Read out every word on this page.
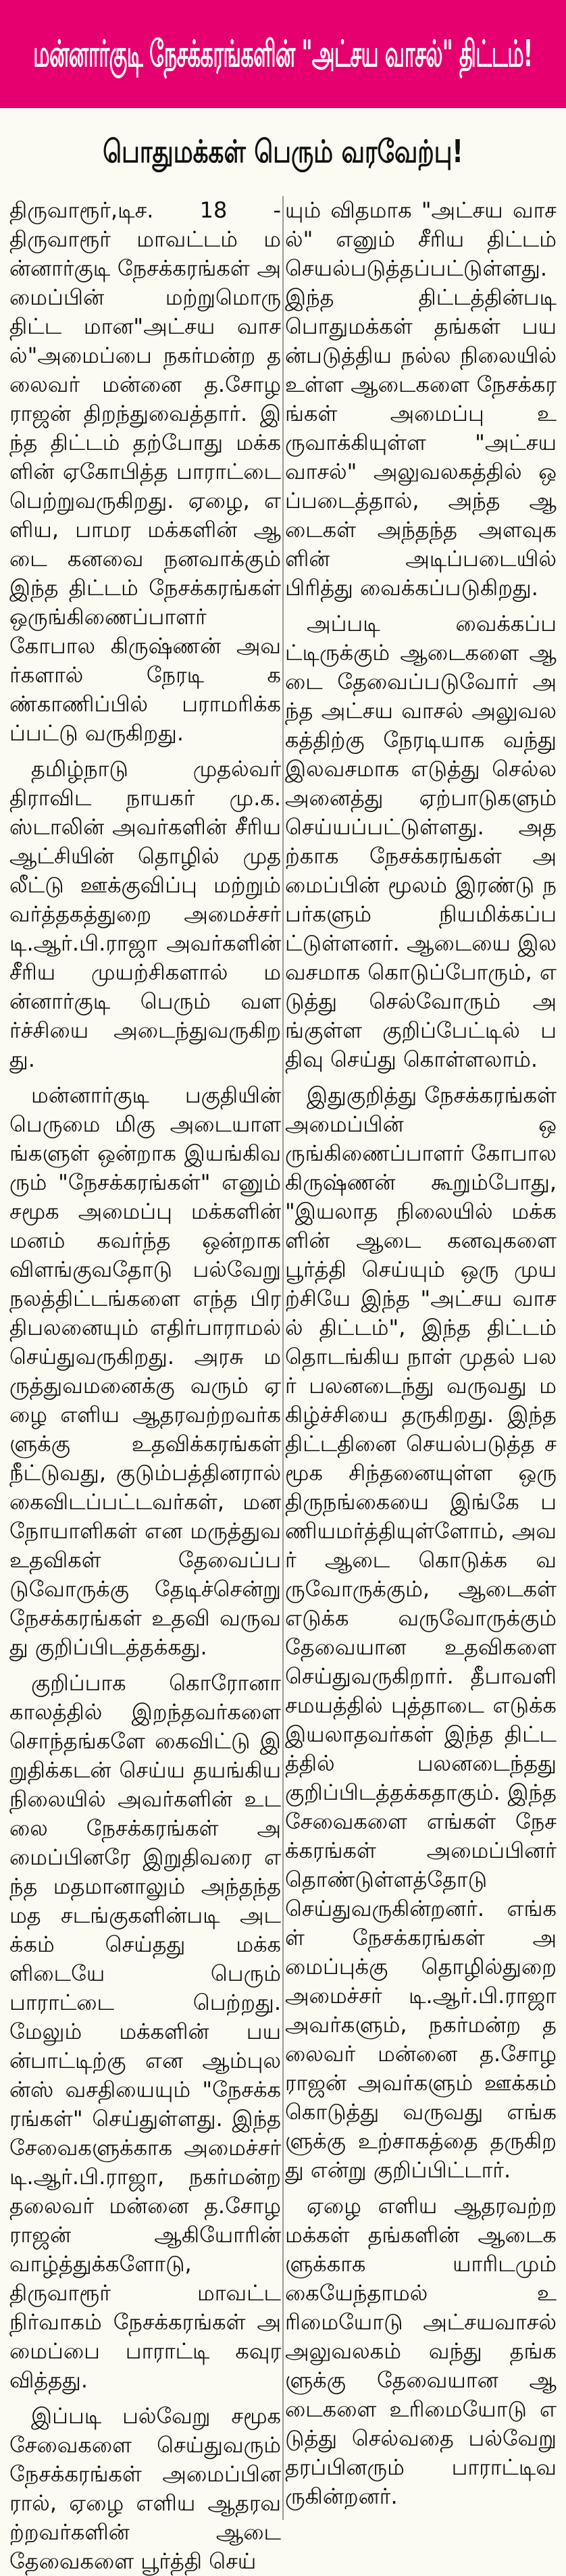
மன்னார்குடி நேசக்கரங்களின் "அட்சய வாசல்" திட்டம்!
பொதுமக்கள் பெரும் வரவேற்பு!

திருவாரூர்,டிச. 18 - திருவாரூர் மாவட்டம் மன்னார்குடி நேசக்கரங்கள் அமைப்பின் மற்றுமொரு திட்ட மான"அட்சய வாசல்"அமைப்பை நகர்மன்ற த லைவர் மன்னை த.சோழராஜன் திறந்துவைத்தார். இந்த திட்டம் தற்போது மக்களின் ஏகோபித்த பாராட்டை பெற்றுவருகிறது. ஏழை, எளிய, பாமர மக்களின் ஆடை கனவை நனவாக்கும் இந்த திட்டம் நேசக்கரங்கள் ஒருங்கிணைப்பாளர் கோபால கிருஷ்ணன் அவர்களால் நேரடி கண்காணிப்பில் பராமரிக்கப்பட்டு வருகிறது.

தமிழ்நாடு முதல்வர் திராவிட நாயகர் மு.க.ஸ்டாலின் அவர்களின் சீரிய ஆட்சியின் தொழில் முதலீட்டு ஊக்குவிப்பு மற்றும் வர்த்தகத்துறை அமைச்சர் டி.ஆர்.பி.ராஜா அவர்களின் சீரிய முயற்சிகளால் மன்னார்குடி பெரும் வளர்ச்சியை அடைந்துவருகிறது.

மன்னார்குடி பகுதியின் பெருமை மிகு அடையாளங்களுள் ஒன்றாக இயங்கிவரும் "நேசக்கரங்கள்" எனும் சமூக அமைப்பு மக்களின் மனம் கவர்ந்த ஒன்றாக விளங்குவதோடு பல்வேறு நலத்திட்டங்களை எந்த பிரதிபலனையும் எதிர்பாராமல் செய்துவருகிறது. அரசு மருத்துவமனைக்கு வரும் ஏழை எளிய ஆதரவற்றவர்களுக்கு உதவிக்கரங்கள் நீட்டுவது, குடும்பத்தினரால் கைவிடப்பட்டவர்கள், மனநோயாளிகள் என மருத்துவ உதவிகள் தேவைப்படுவோருக்கு தேடிச்சென்று நேசக்கரங்கள் உதவி வருவது குறிப்பிடத்தக்கது.

குறிப்பாக கொரோனா காலத்தில் இறந்தவர்களை சொந்தங்களே கைவிட்டு இறுதிக்கடன் செய்ய தயங்கிய நிலையில் அவர்களின் உடலை நேசக்கரங்கள் அமைப்பினரே இறுதிவரை எந்த மதமானாலும் அந்தந்த மத சடங்குகளின்படி அடக்கம் செய்தது மக்களிடையே பெரும் பாராட்டை பெற்றது. மேலும் மக்களின் பயன்பாட்டிற்கு என ஆம்புலன்ஸ் வசதியையும் "நேசக்கரங்கள்" செய்துள்ளது. இந்த சேவைகளுக்காக அமைச்சர் டி.ஆர்.பி.ராஜா, நகர்மன்ற தலைவர் மன்னை த.சோழராஜன் ஆகியோரின் வாழ்த்துக்களோடு, திருவாரூர் மாவட்ட நிர்வாகம் நேசக்கரங்கள் அமைப்பை பாராட்டி கவுரவித்தது.

இப்படி பல்வேறு சமூக சேவைகளை செய்துவரும் நேசக்கரங்கள் அமைப்பினரால், ஏழை எளிய ஆதரவற்றவர்களின் ஆடை தேவைகளை பூர்த்தி செய்

யும் விதமாக "அட்சய வாசல்" எனும் சீரிய திட்டம் செயல்படுத்தப்பட்டுள்ளது. இந்த திட்டத்தின்படி பொதுமக்கள் தங்கள் பயன்படுத்திய நல்ல நிலையில் உள்ள ஆடைகளை நேசக்கரங்கள் அமைப்பு உருவாக்கியுள்ள "அட்சயவாசல்" அலுவலகத்தில் ஒப்படைத்தால், அந்த ஆடைகள் அந்தந்த அளவுகளின் அடிப்படையில் பிரித்து வைக்கப்படுகிறது.

அப்படி வைக்கப்பட்டிருக்கும் ஆடைகளை ஆடை தேவைப்படுவோர் அந்த அட்சய வாசல் அலுவலகத்திற்கு நேரடியாக வந்து இலவசமாக எடுத்து செல்ல அனைத்து ஏற்பாடுகளும் செய்யப்பட்டுள்ளது. அதற்காக நேசக்கரங்கள் அமைப்பின் மூலம் இரண்டு நபர்களும் நியமிக்கப்பட்டுள்ளனர். ஆடையை இலவசமாக கொடுப்போரும், எடுத்து செல்வோரும் அங்குள்ள குறிப்பேட்டில் பதிவு செய்து கொள்ளலாம்.

இதுகுறித்து நேசக்கரங்கள் அமைப்பின் ஒருங்கிணைப்பாளர் கோபால கிருஷ்ணன் கூறும்போது, "இயலாத நிலையில் மக்களின் ஆடை கனவுகளை பூர்த்தி செய்யும் ஒரு முயற்சியே இந்த "அட்சய வாசல் திட்டம்", இந்த திட்டம் தொடங்கிய நாள் முதல் பலர் பலனடைந்து வருவது மகிழ்ச்சியை தருகிறது. இந்த திட்டதினை செயல்படுத்த சமூக சிந்தனையுள்ள ஒரு திருநங்கையை இங்கே பணியமர்த்தியுள்ளோம், அவர் ஆடை கொடுக்க வருவோருக்கும், ஆடைகள் எடுக்க வருவோருக்கும் தேவையான உதவிகளை செய்துவருகிறார். தீபாவளி சமயத்தில் புத்தாடை எடுக்க இயலாதவர்கள் இந்த திட்டத்தில் பலனடைந்தது குறிப்பிடத்தக்கதாகும். இந்த சேவைகளை எங்கள் நேசக்கரங்கள் அமைப்பினர் தொண்டுள்ளத்தோடு செய்துவருகின்றனர். எங்கள் நேசக்கரங்கள் அமைப்புக்கு தொழில்துறை அமைச்சர் டி.ஆர்.பி.ராஜா அவர்களும், நகர்மன்ற தலைவர் மன்னை த.சோழராஜன் அவர்களும் ஊக்கம் கொடுத்து வருவது எங்களுக்கு உற்சாகத்தை தருகிறது என்று குறிப்பிட்டார்.

ஏழை எளிய ஆதரவற்ற மக்கள் தங்களின் ஆடைகளுக்காக யாரிடமும் கையேந்தாமல் உரிமையோடு அட்சயவாசல் அலுவலகம் வந்து தங்களுக்கு தேவையான ஆடைகளை உரிமையோடு எடுத்து செல்வதை பல்வேறு தரப்பினரும் பாராட்டிவருகின்றனர்.
